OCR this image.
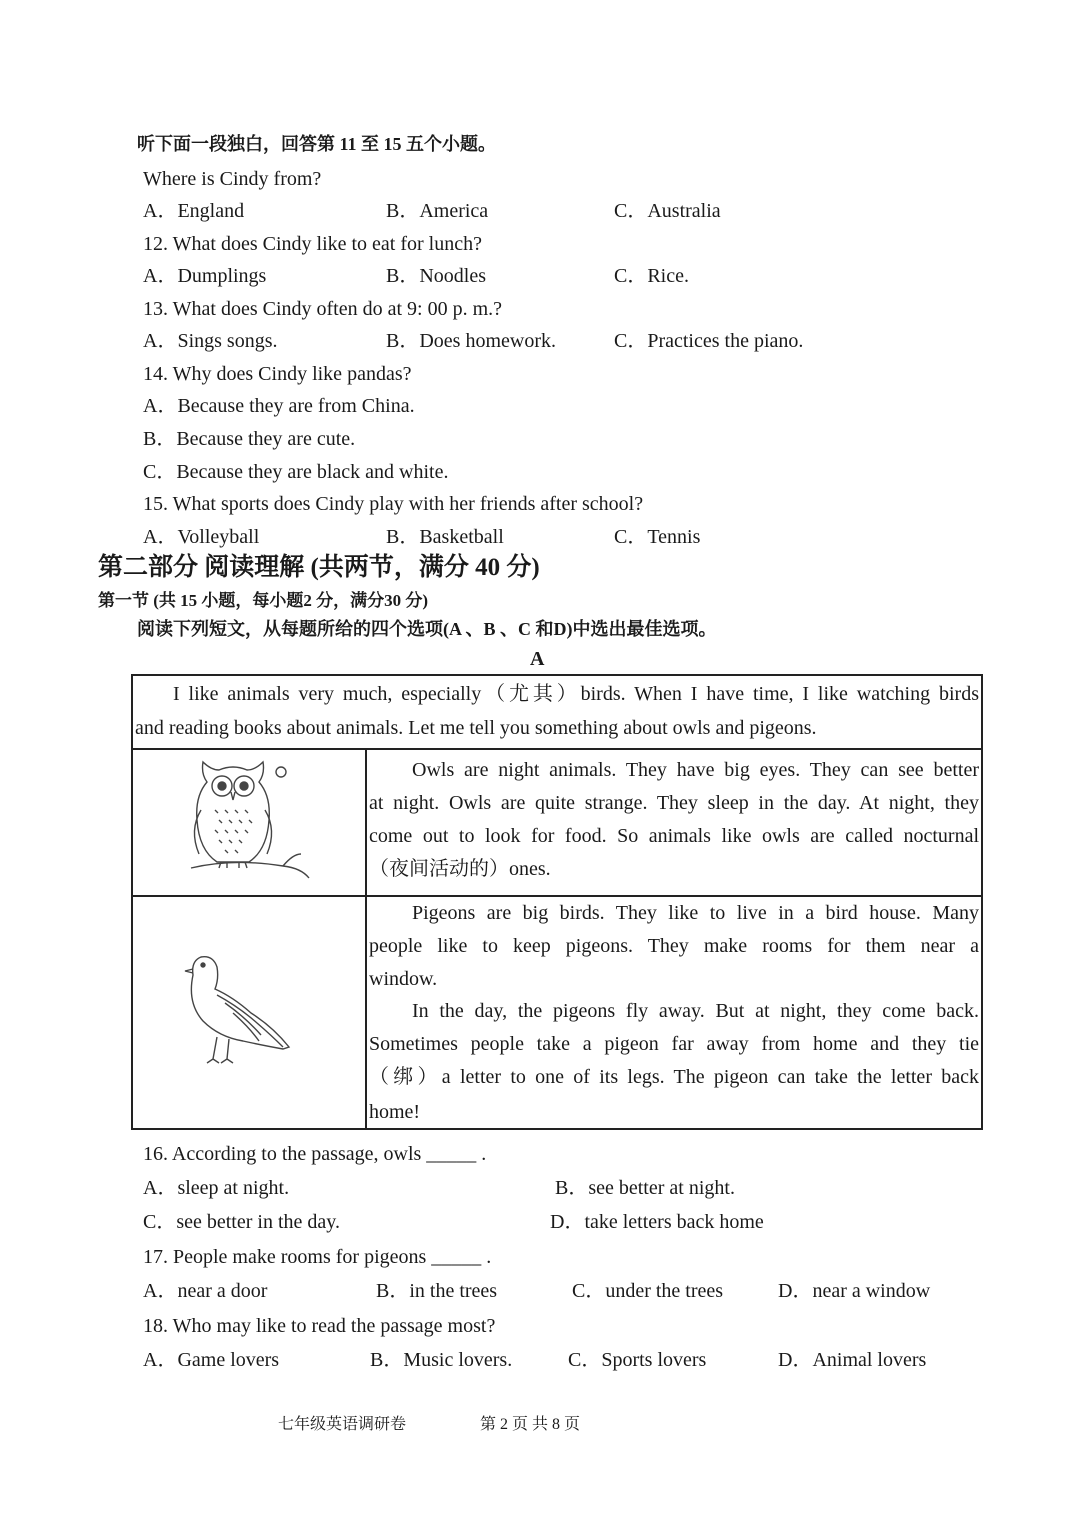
听下面一段独白，回答第 11 至 15 五个小题。
Where is Cindy from?
A．England	B．America	C．Australia
12. What does Cindy like to eat for lunch?
A．Dumplings	B．Noodles	C．Rice.
13. What does Cindy often do at 9: 00 p. m.?
A．Sings songs.	B．Does homework.	C．Practices the piano.
14. Why does Cindy like pandas?
A．Because they are from China.
B．Because they are cute.
C．Because they are black and white.
15. What sports does Cindy play with her friends after school?
A．Volleyball	B．Basketball	C．Tennis
第二部分 阅读理解 (共两节，满分 40 分)
第一节 (共 15 小题，每小题2 分，满分30 分)
阅读下列短文，从每题所给的四个选项(A 、B 、C 和D)中选出最佳选项。
A
I like animals very much, especially（尤其）birds. When I have time, I like watching birds
and reading books about animals. Let me tell you something about owls and pigeons.
Owls are night animals. They have big eyes. They can see better
at night. Owls are quite strange. They sleep in the day. At night, they
come out to look for food. So animals like owls are called nocturnal
（夜间活动的）ones.
Pigeons are big birds. They like to live in a bird house. Many
people like to keep pigeons. They make rooms for them near a
window.
In the day, the pigeons fly away. But at night, they come back.
Sometimes people take a pigeon far away from home and they tie
（绑）a letter to one of its legs. The pigeon can take the letter back
home!
16. According to the passage, owls _____ .
A．sleep at night.	B．see better at night.
C．see better in the day.	D．take letters back home
17. People make rooms for pigeons _____ .
A．near a door	B．in the trees	C．under the trees	D．near a window
18. Who may like to read the passage most?
A．Game lovers	B．Music lovers.	C．Sports lovers	D．Animal lovers
七年级英语调研卷	第 2 页 共 8 页
